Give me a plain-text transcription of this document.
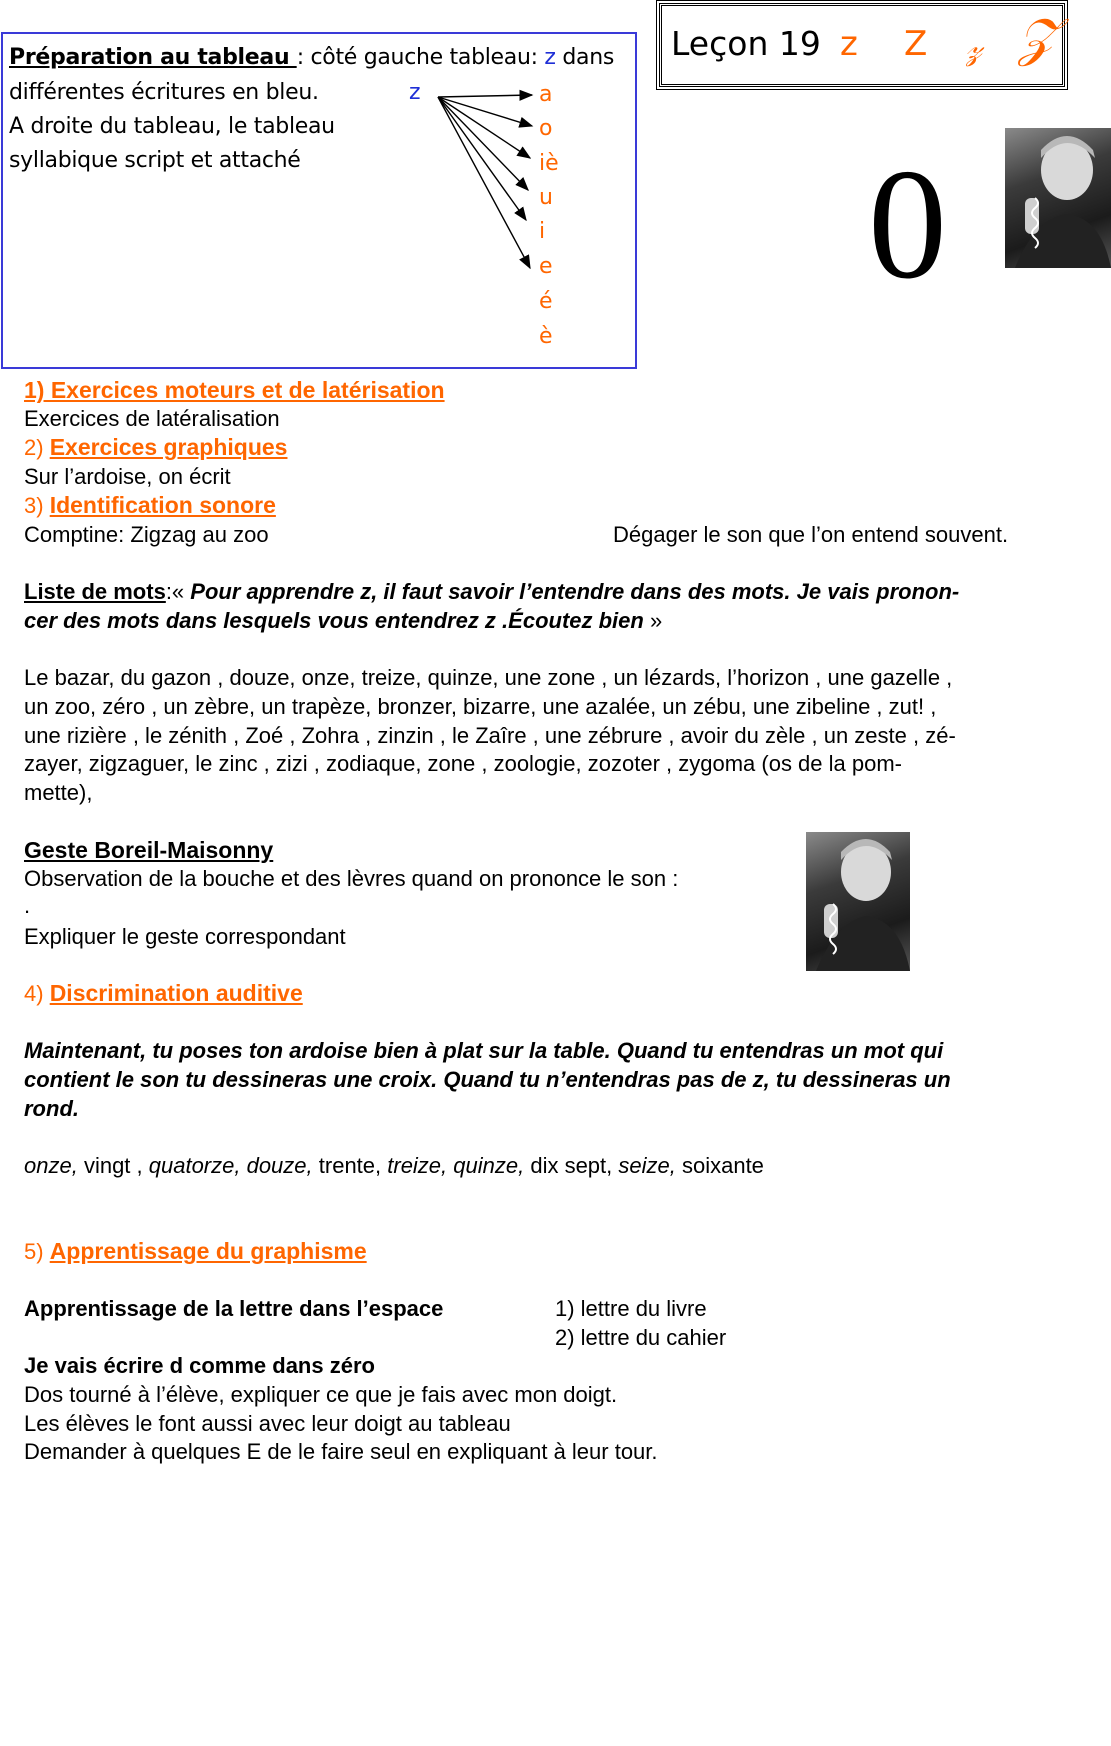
Préparation au tableau : côté gauche tableau: z dans
différentes écritures en bleu.
A droite du tableau, le tableau
syllabique script et attaché
z	a
o
iè
u
i
e
é
è
Leçon 19 z Z 𝓏 𝒵
0
1) Exercices moteurs et de latérisation
Exercices de latéralisation
2) Exercices graphiques
Sur l’ardoise, on écrit
3) Identification sonore
Comptine: Zigzag au zoo	Dégager le son que l’on entend souvent.
Liste de mots:« Pour apprendre z, il faut savoir l’entendre dans des mots. Je vais pronon-
cer des mots dans lesquels vous entendrez z .Écoutez bien »
Le bazar, du gazon , douze, onze, treize, quinze, une zone , un lézards, l’horizon , une gazelle ,
un zoo, zéro , un zèbre, un trapèze, bronzer, bizarre, une azalée, un zébu, une zibeline , zut! ,
une rizière , le zénith , Zoé , Zohra , zinzin , le Zaîre , une zébrure , avoir du zèle , un zeste , zé-
zayer, zigzaguer, le zinc , zizi , zodiaque, zone , zoologie, zozoter , zygoma (os de la pom-
mette),
Geste Boreil-Maisonny
Observation de la bouche et des lèvres quand on prononce le son :
.
Expliquer le geste correspondant
4) Discrimination auditive
Maintenant, tu poses ton ardoise bien à plat sur la table. Quand tu entendras un mot qui
contient le son tu dessineras une croix. Quand tu n’entendras pas de z, tu dessineras un
rond.
onze, vingt , quatorze, douze, trente, treize, quinze, dix sept, seize, soixante
5) Apprentissage du graphisme
Apprentissage de la lettre dans l’espace	1) lettre du livre
2) lettre du cahier
Je vais écrire d comme dans zéro
Dos tourné à l’élève, expliquer ce que je fais avec mon doigt.
Les élèves le font aussi avec leur doigt au tableau
Demander à quelques E de le faire seul en expliquant à leur tour.
